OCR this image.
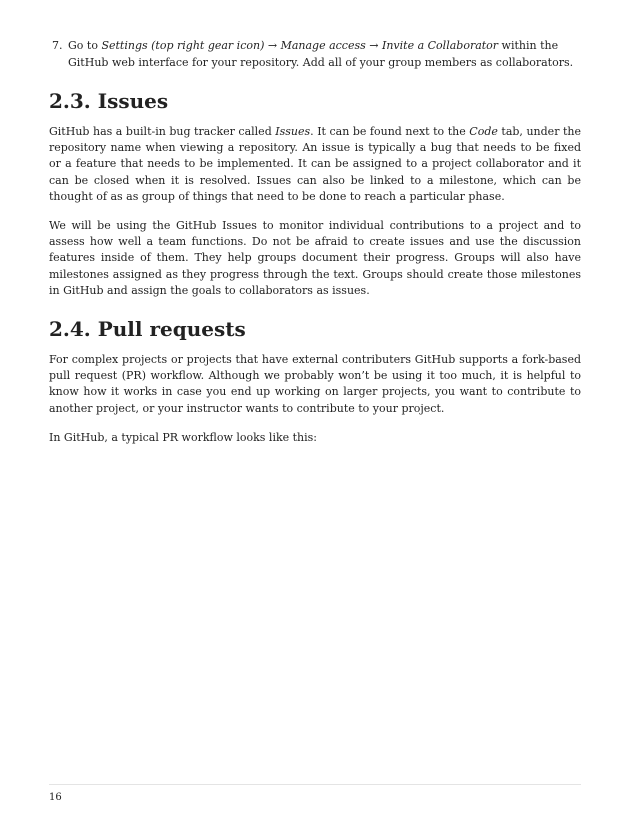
7. Go to Settings (top right gear icon) → Manage access → Invite a Collaborator within the GitHub web interface for your repository. Add all of your group members as collaborators.
2.3. Issues

GitHub has a built-in bug tracker called Issues. It can be found next to the Code tab, under the repository name when viewing a repository. An issue is typically a bug that needs to be fixed or a feature that needs to be implemented. It can be assigned to a project collaborator and it can be closed when it is resolved. Issues can also be linked to a milestone, which can be thought of as as group of things that need to be done to reach a particular phase.

We will be using the GitHub Issues to monitor individual contributions to a project and to assess how well a team functions. Do not be afraid to create issues and use the discussion features inside of them. They help groups document their progress. Groups will also have milestones assigned as they progress through the text. Groups should create those milestones in GitHub and assign the goals to collaborators as issues.

2.4. Pull requests

For complex projects or projects that have external contributers GitHub supports a fork-based pull request (PR) workflow. Although we probably won’t be using it too much, it is helpful to know how it works in case you end up working on larger projects, you want to contribute to another project, or your instructor wants to contribute to your project.

In GitHub, a typical PR workflow looks like this:

16
